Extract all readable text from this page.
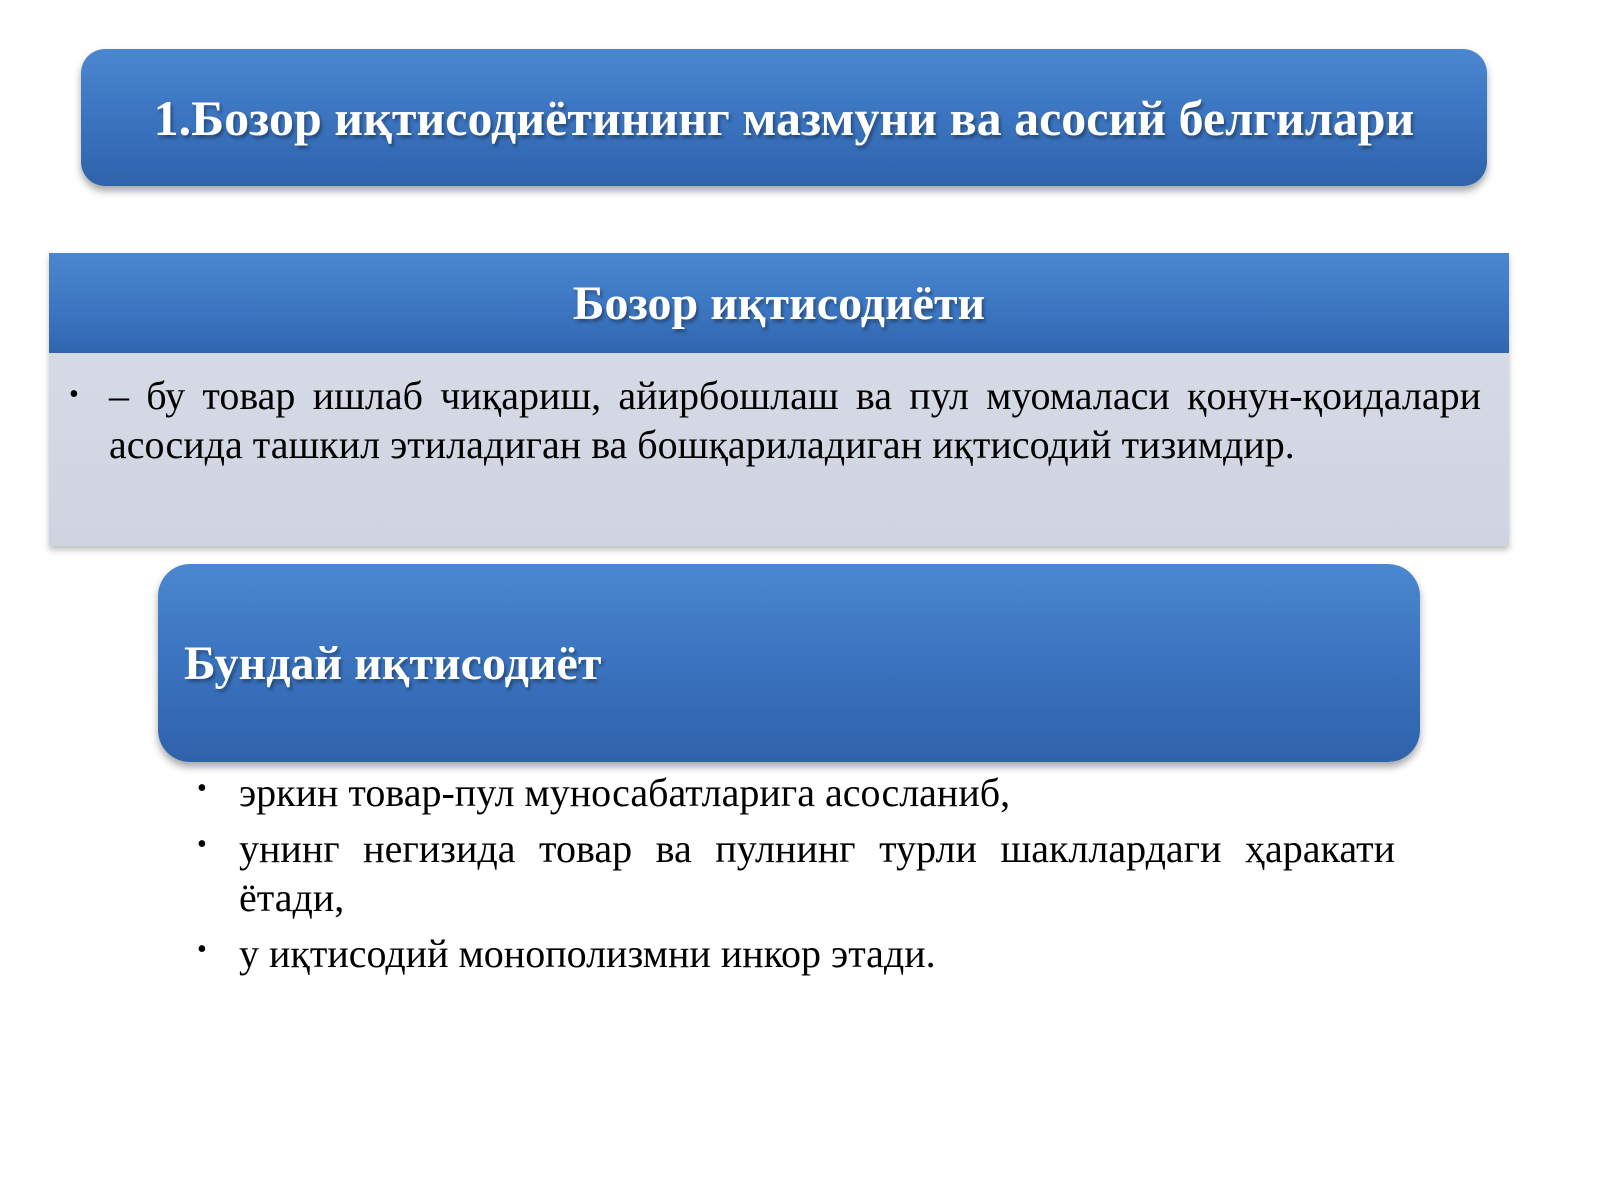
1.Бозор иқтисодиётининг мазмуни ва асосий белгилари
Бозор иқтисодиёти
• – бу товар ишлаб чиқариш, айирбошлаш ва пул муомаласи қонун-қоидалари асосида ташкил этиладиган ва бошқариладиган иқтисодий тизимдир.
Бундай иқтисодиёт
• эркин товар-пул муносабатларига асосланиб,
• унинг негизида товар ва пулнинг турли шакллардаги ҳаракати ётади,
• у иқтисодий монополизмни инкор этади.
